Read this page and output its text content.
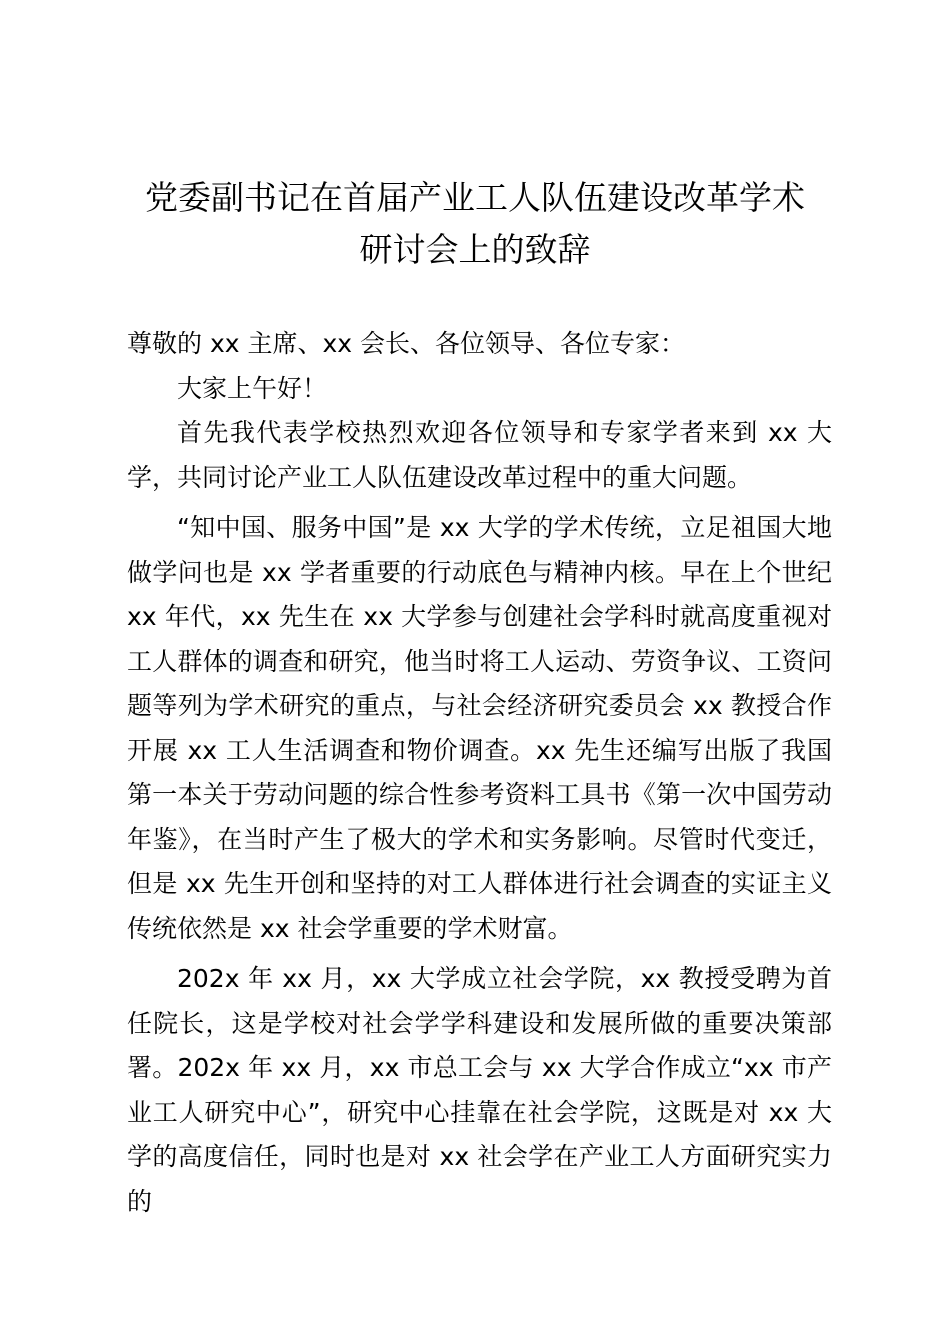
党委副书记在首届产业工人队伍建设改革学术
研讨会上的致辞

尊敬的 xx 主席、xx 会长、各位领导、各位专家：

大家上午好！

首先我代表学校热烈欢迎各位领导和专家学者来到 xx 大学，共同讨论产业工人队伍建设改革过程中的重大问题。

“知中国、服务中国”是 xx 大学的学术传统，立足祖国大地做学问也是 xx 学者重要的行动底色与精神内核。早在上个世纪 xx 年代，xx 先生在 xx 大学参与创建社会学科时就高度重视对工人群体的调查和研究，他当时将工人运动、劳资争议、工资问题等列为学术研究的重点，与社会经济研究委员会 xx 教授合作开展 xx 工人生活调查和物价调查。xx 先生还编写出版了我国第一本关于劳动问题的综合性参考资料工具书《第一次中国劳动年鉴》，在当时产生了极大的学术和实务影响。尽管时代变迁，但是 xx 先生开创和坚持的对工人群体进行社会调查的实证主义传统依然是 xx 社会学重要的学术财富。

202x 年 xx 月，xx 大学成立社会学院，xx 教授受聘为首任院长，这是学校对社会学学科建设和发展所做的重要决策部署。202x 年 xx 月，xx 市总工会与 xx 大学合作成立“xx 市产业工人研究中心”，研究中心挂靠在社会学院，这既是对 xx 大学的高度信任，同时也是对 xx 社会学在产业工人方面研究实力的
